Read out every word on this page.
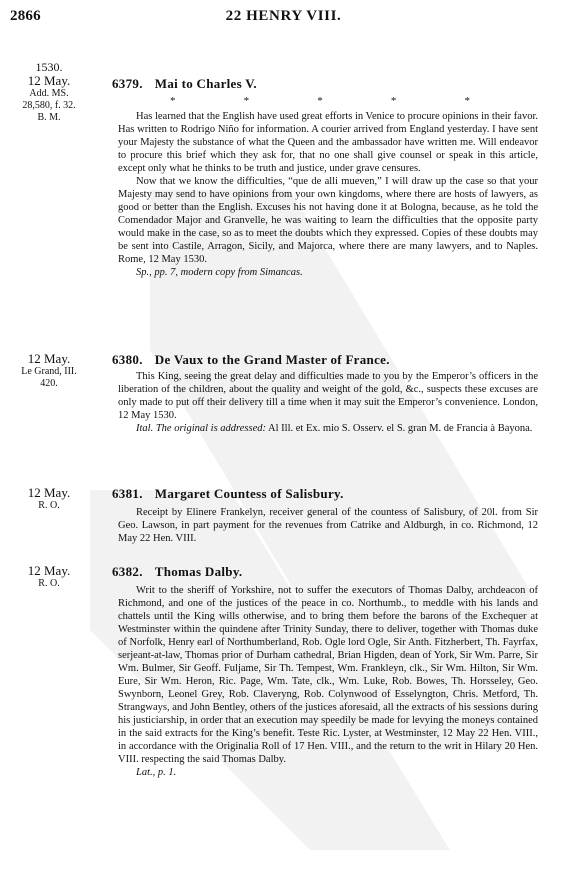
2866	22 HENRY VIII.
1530.
12 May.
Add. MS.
28,580, f. 32.
B. M.
6379. Mai to Charles V.
*	*	*	*	*

Has learned that the English have used great efforts in Venice to procure opinions in their favor. Has written to Rodrigo Niño for information. A courier arrived from England yesterday. I have sent your Majesty the substance of what the Queen and the ambassador have written me. Will endeavor to procure this brief which they ask for, that no one shall give counsel or speak in this article, except only what he thinks to be truth and justice, under grave censures.

Now that we know the difficulties, “que de alli mueven,” I will draw up the case so that your Majesty may send to have opinions from your own kingdoms, where there are hosts of lawyers, as good or better than the English. Excuses his not having done it at Bologna, because, as he told the Comendador Major and Granvelle, he was waiting to learn the difficulties that the opposite party would make in the case, so as to meet the doubts which they expressed. Copies of these doubts may be sent into Castile, Arragon, Sicily, and Majorca, where there are many lawyers, and to Naples. Rome, 12 May 1530.

Sp., pp. 7, modern copy from Simancas.

12 May.
Le Grand, III.
420.
6380. De Vaux to the Grand Master of France.

This King, seeing the great delay and difficulties made to you by the Emperor’s officers in the liberation of the children, about the quality and weight of the gold, &c., suspects these excuses are only made to put off their delivery till a time when it may suit the Emperor’s convenience. London, 12 May 1530.

Ital. The original is addressed: Al Ill. et Ex. mio S. Osserv. el S. gran M. de Francia à Bayona.

12 May.
R. O.
6381. Margaret Countess of Salisbury.

Receipt by Elinere Frankelyn, receiver general of the countess of Salisbury, of 20l. from Sir Geo. Lawson, in part payment for the revenues from Catrike and Aldburgh, in co. Richmond, 12 May 22 Hen. VIII.

12 May.
R. O.
6382. Thomas Dalby.

Writ to the sheriff of Yorkshire, not to suffer the executors of Thomas Dalby, archdeacon of Richmond, and one of the justices of the peace in co. Northumb., to meddle with his lands and chattels until the King wills otherwise, and to bring them before the barons of the Exchequer at Westminster within the quindene after Trinity Sunday, there to deliver, together with Thomas duke of Norfolk, Henry earl of Northumberland, Rob. Ogle lord Ogle, Sir Anth. Fitzherbert, Th. Fayrfax, serjeant-at-law, Thomas prior of Durham cathedral, Brian Higden, dean of York, Sir Wm. Parre, Sir Wm. Bulmer, Sir Geoff. Fuljame, Sir Th. Tempest, Wm. Frankleyn, clk., Sir Wm. Hilton, Sir Wm. Eure, Sir Wm. Heron, Ric. Page, Wm. Tate, clk., Wm. Luke, Rob. Bowes, Th. Horsseley, Geo. Swynborn, Leonel Grey, Rob. Claveryng, Rob. Colynwood of Esselyngton, Chris. Metford, Th. Strangways, and John Bentley, others of the justices aforesaid, all the extracts of his sessions during his justiciarship, in order that an execution may speedily be made for levying the moneys contained in the said extracts for the King’s benefit. Teste Ric. Lyster, at Westminster, 12 May 22 Hen. VIII., in accordance with the Originalia Roll of 17 Hen. VIII., and the return to the writ in Hilary 20 Hen. VIII. respecting the said Thomas Dalby.

Lat., p. 1.
